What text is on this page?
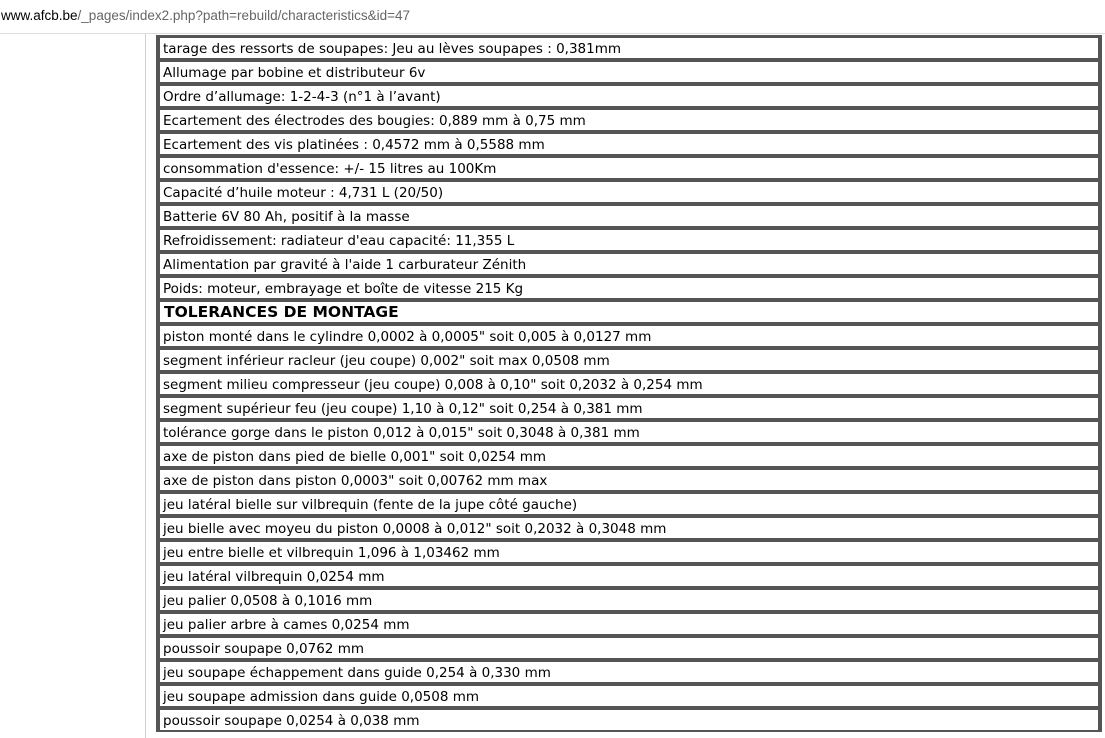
www.afcb.be/_pages/index2.php?path=rebuild/characteristics&id=47
tarage des ressorts de soupapes: Jeu au lèves soupapes : 0,381mm
Allumage par bobine et distributeur 6v
Ordre d’allumage: 1-2-4-3 (n°1 à l’avant)
Ecartement des électrodes des bougies: 0,889 mm à 0,75 mm
Ecartement des vis platinées : 0,4572 mm à 0,5588 mm
consommation d'essence: +/- 15 litres au 100Km
Capacité d’huile moteur : 4,731 L (20/50)
Batterie 6V 80 Ah, positif à la masse
Refroidissement: radiateur d'eau capacité: 11,355 L
Alimentation par gravité à l'aide 1 carburateur Zénith
Poids: moteur, embrayage et boîte de vitesse 215 Kg
TOLERANCES DE MONTAGE
piston monté dans le cylindre 0,0002 à 0,0005" soit 0,005 à 0,0127 mm
segment inférieur racleur (jeu coupe) 0,002" soit max 0,0508 mm
segment milieu compresseur (jeu coupe) 0,008 à 0,10" soit 0,2032 à 0,254 mm
segment supérieur feu (jeu coupe) 1,10 à 0,12" soit 0,254 à 0,381 mm
tolérance gorge dans le piston 0,012 à 0,015" soit 0,3048 à 0,381 mm
axe de piston dans pied de bielle 0,001" soit 0,0254 mm
axe de piston dans piston 0,0003" soit 0,00762 mm max
jeu latéral bielle sur vilbrequin (fente de la jupe côté gauche)
jeu bielle avec moyeu du piston 0,0008 à 0,012" soit 0,2032 à 0,3048 mm
jeu entre bielle et vilbrequin 1,096 à 1,03462 mm
jeu latéral vilbrequin 0,0254 mm
jeu palier 0,0508 à 0,1016 mm
jeu palier arbre à cames 0,0254 mm
poussoir soupape 0,0762 mm
jeu soupape échappement dans guide 0,254 à 0,330 mm
jeu soupape admission dans guide 0,0508 mm
poussoir soupape 0,0254 à 0,038 mm
